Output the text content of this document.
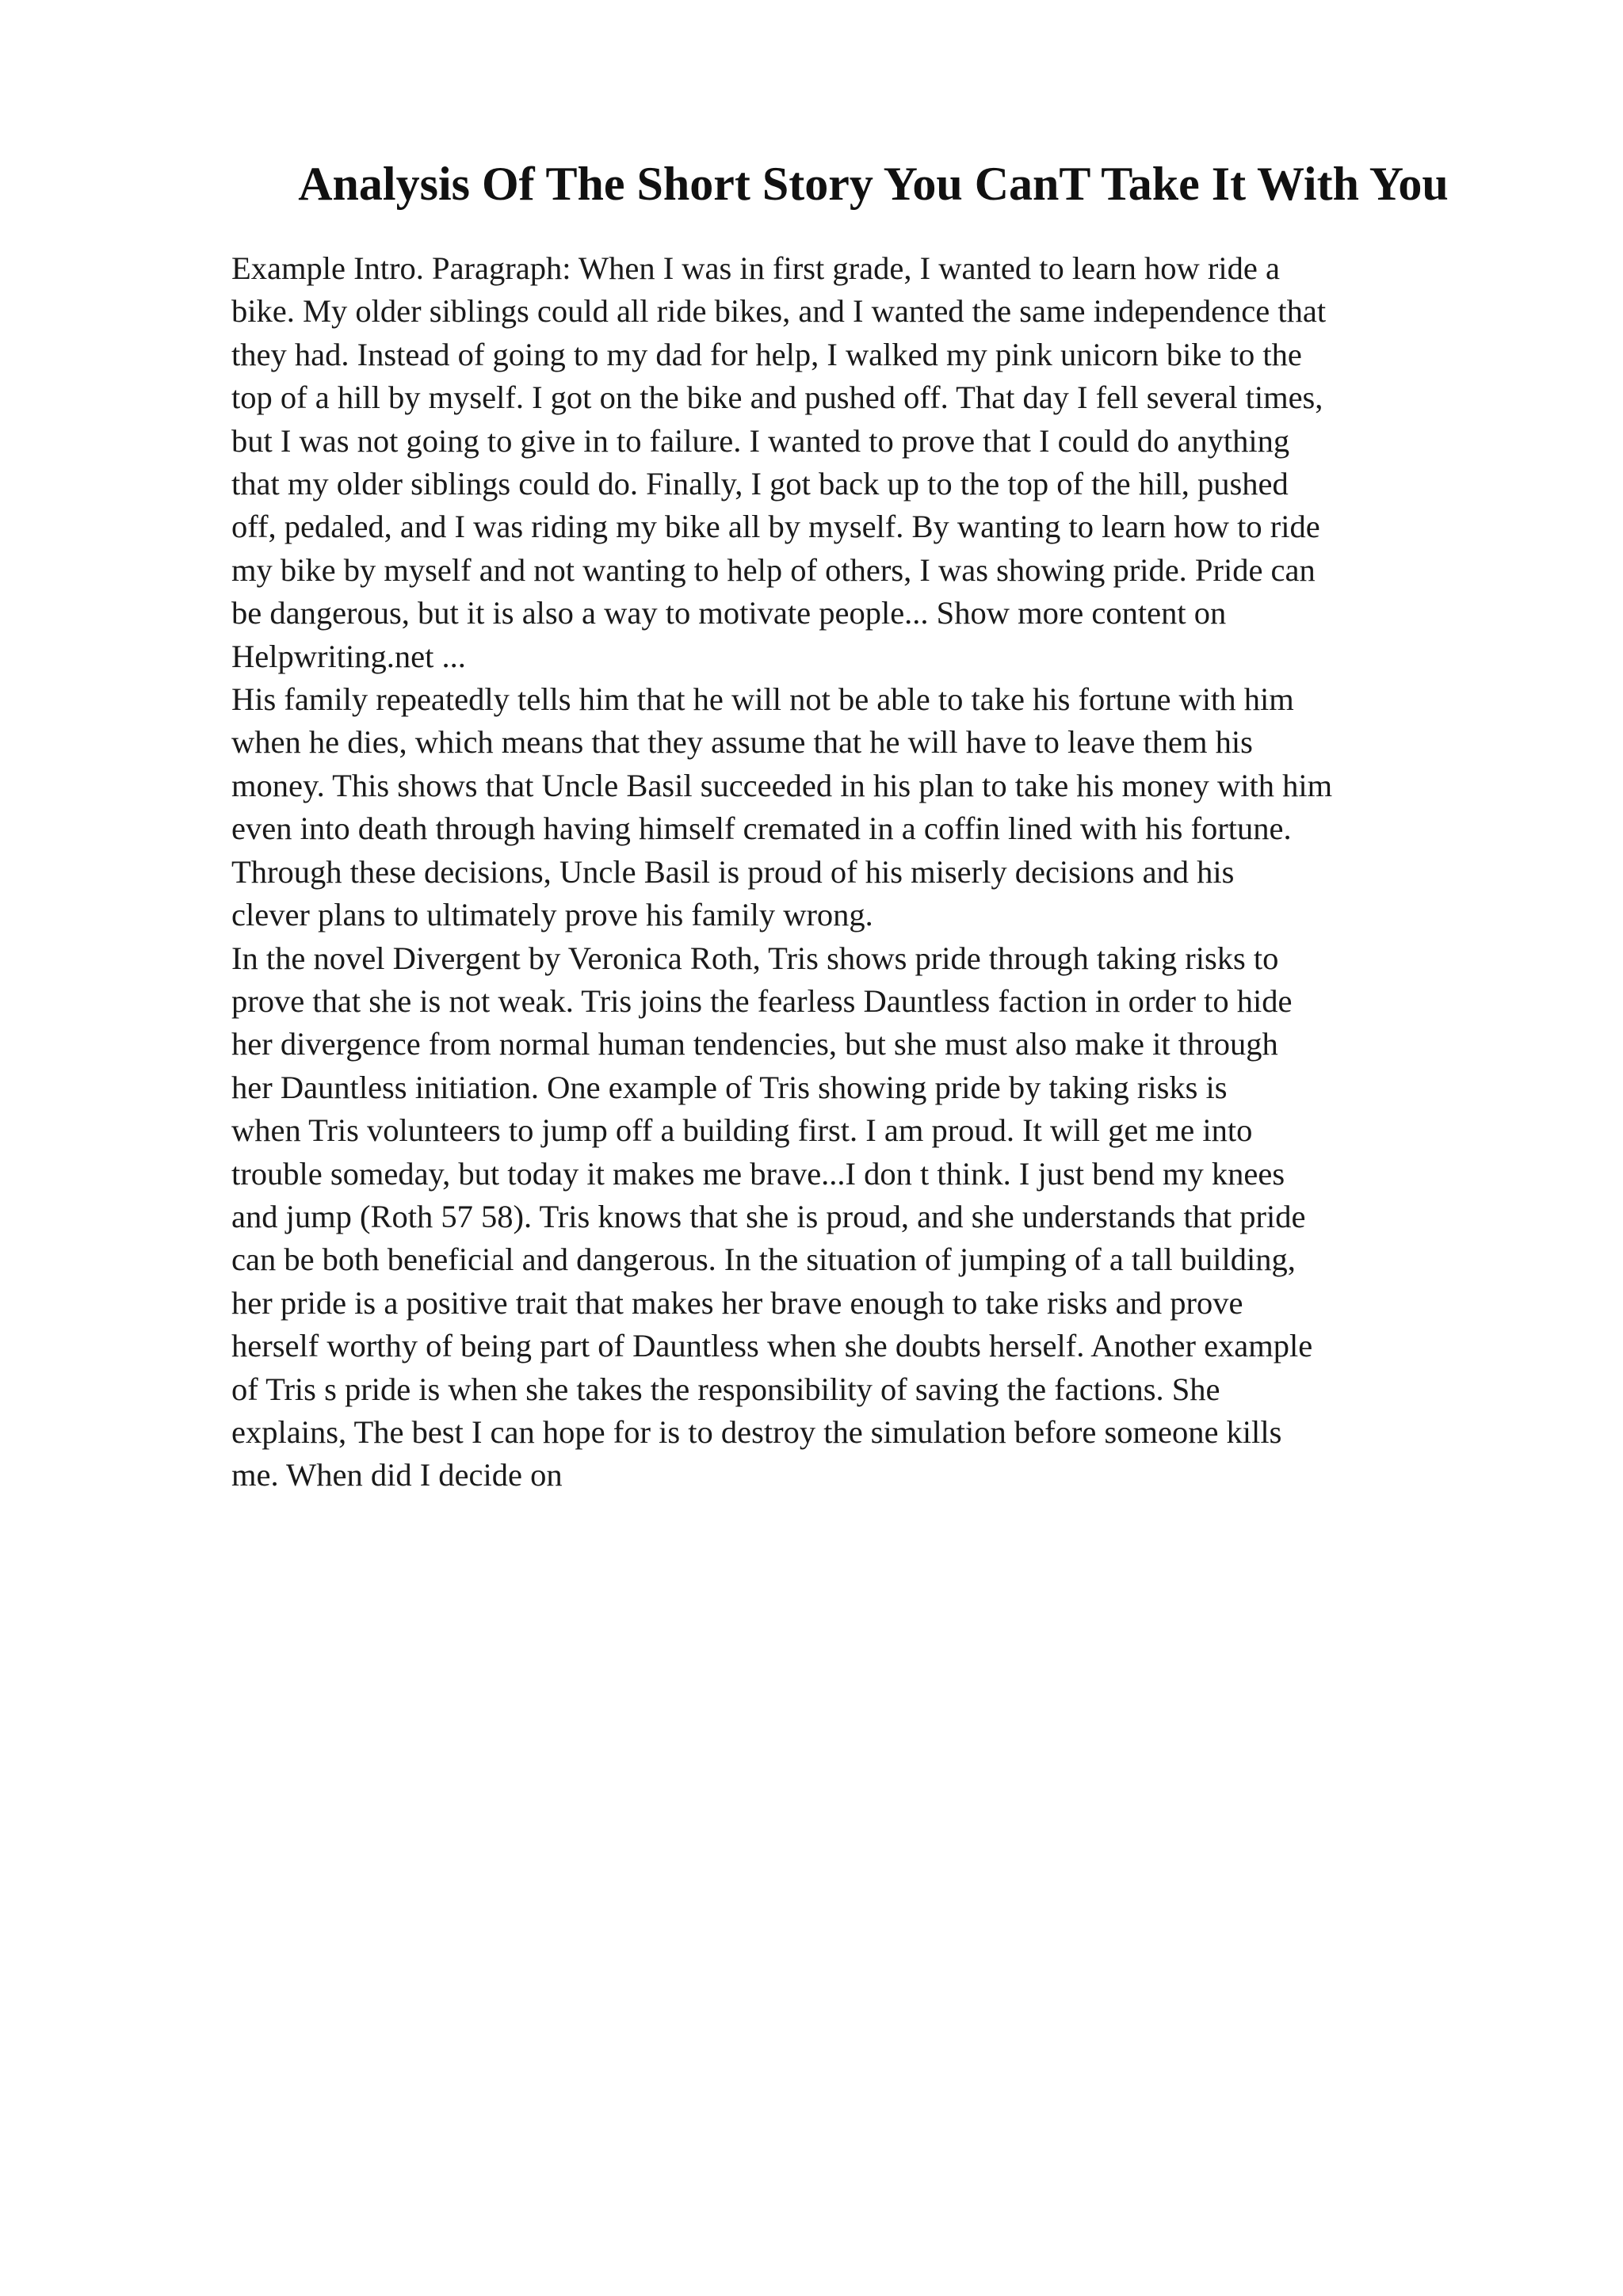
Analysis Of The Short Story You CanT Take It With You

Example Intro. Paragraph: When I was in first grade, I wanted to learn how ride a
bike. My older siblings could all ride bikes, and I wanted the same independence that
they had. Instead of going to my dad for help, I walked my pink unicorn bike to the
top of a hill by myself. I got on the bike and pushed off. That day I fell several times,
but I was not going to give in to failure. I wanted to prove that I could do anything
that my older siblings could do. Finally, I got back up to the top of the hill, pushed
off, pedaled, and I was riding my bike all by myself. By wanting to learn how to ride
my bike by myself and not wanting to help of others, I was showing pride. Pride can
be dangerous, but it is also a way to motivate people... Show more content on
Helpwriting.net ...

His family repeatedly tells him that he will not be able to take his fortune with him
when he dies, which means that they assume that he will have to leave them his
money. This shows that Uncle Basil succeeded in his plan to take his money with him
even into death through having himself cremated in a coffin lined with his fortune.
Through these decisions, Uncle Basil is proud of his miserly decisions and his
clever plans to ultimately prove his family wrong.

In the novel Divergent by Veronica Roth, Tris shows pride through taking risks to
prove that she is not weak. Tris joins the fearless Dauntless faction in order to hide
her divergence from normal human tendencies, but she must also make it through
her Dauntless initiation. One example of Tris showing pride by taking risks is
when Tris volunteers to jump off a building first. I am proud. It will get me into
trouble someday, but today it makes me brave...I don t think. I just bend my knees
and jump (Roth 57 58). Tris knows that she is proud, and she understands that pride
can be both beneficial and dangerous. In the situation of jumping of a tall building,
her pride is a positive trait that makes her brave enough to take risks and prove
herself worthy of being part of Dauntless when she doubts herself. Another example
of Tris s pride is when she takes the responsibility of saving the factions. She
explains, The best I can hope for is to destroy the simulation before someone kills
me. When did I decide on
